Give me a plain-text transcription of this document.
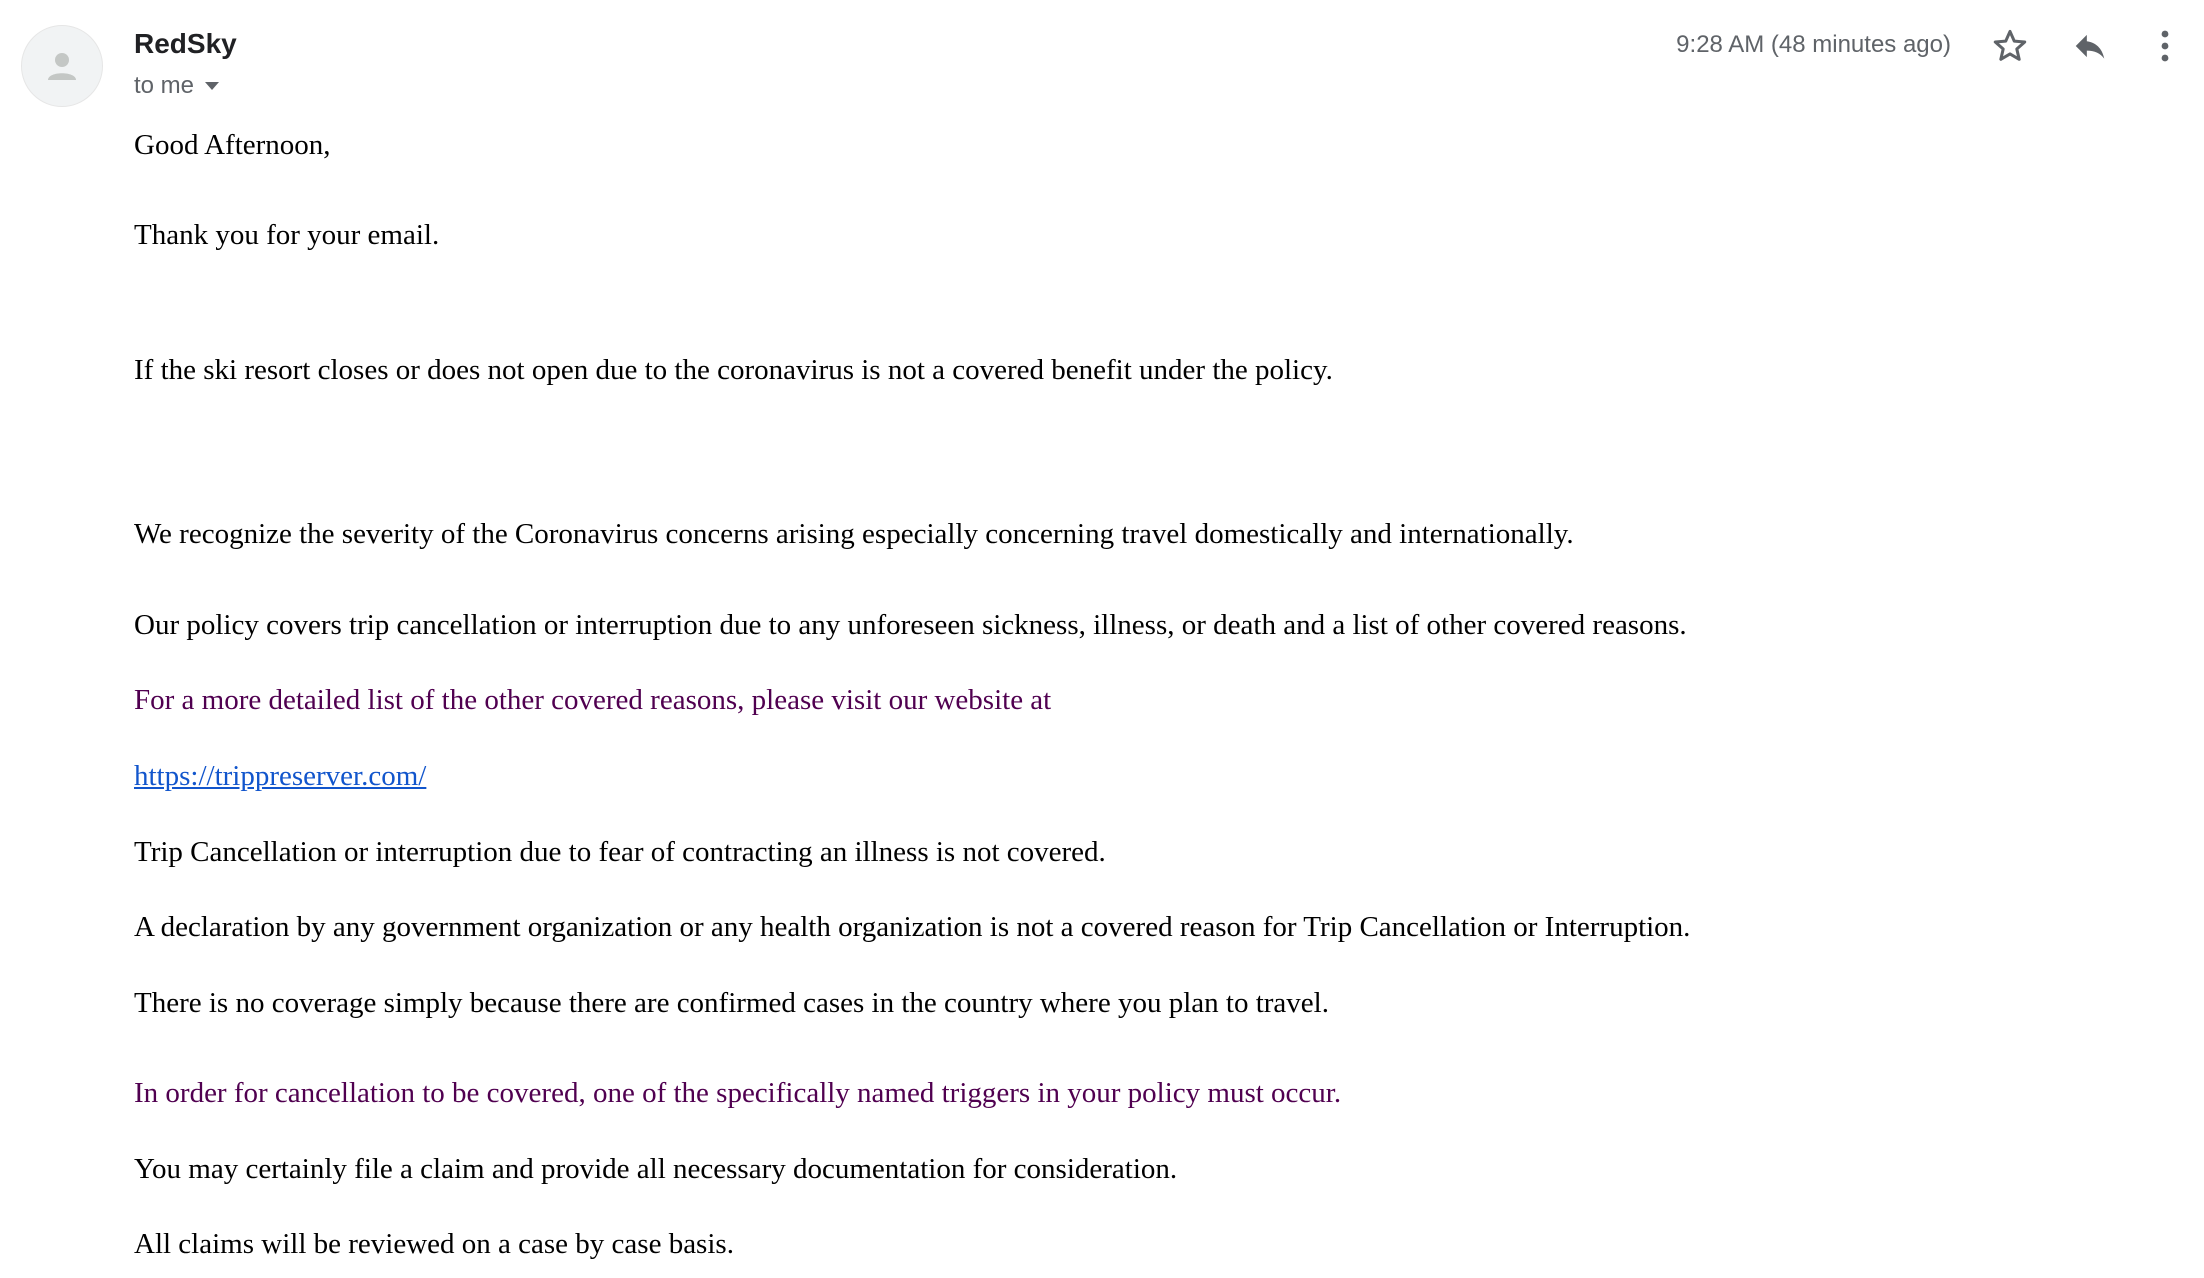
RedSky
to me
9:28 AM (48 minutes ago)
Good Afternoon,
Thank you for your email.
If the ski resort closes or does not open due to the coronavirus is not a covered benefit under the policy.
We recognize the severity of the Coronavirus concerns arising especially concerning travel domestically and internationally.
Our policy covers trip cancellation or interruption due to any unforeseen sickness, illness, or death and a list of other covered reasons.
For a more detailed list of the other covered reasons, please visit our website at
https://trippreserver.com/
Trip Cancellation or interruption due to fear of contracting an illness is not covered.
A declaration by any government organization or any health organization is not a covered reason for Trip Cancellation or Interruption.
There is no coverage simply because there are confirmed cases in the country where you plan to travel.
In order for cancellation to be covered, one of the specifically named triggers in your policy must occur.
You may certainly file a claim and provide all necessary documentation for consideration.
All claims will be reviewed on a case by case basis.
